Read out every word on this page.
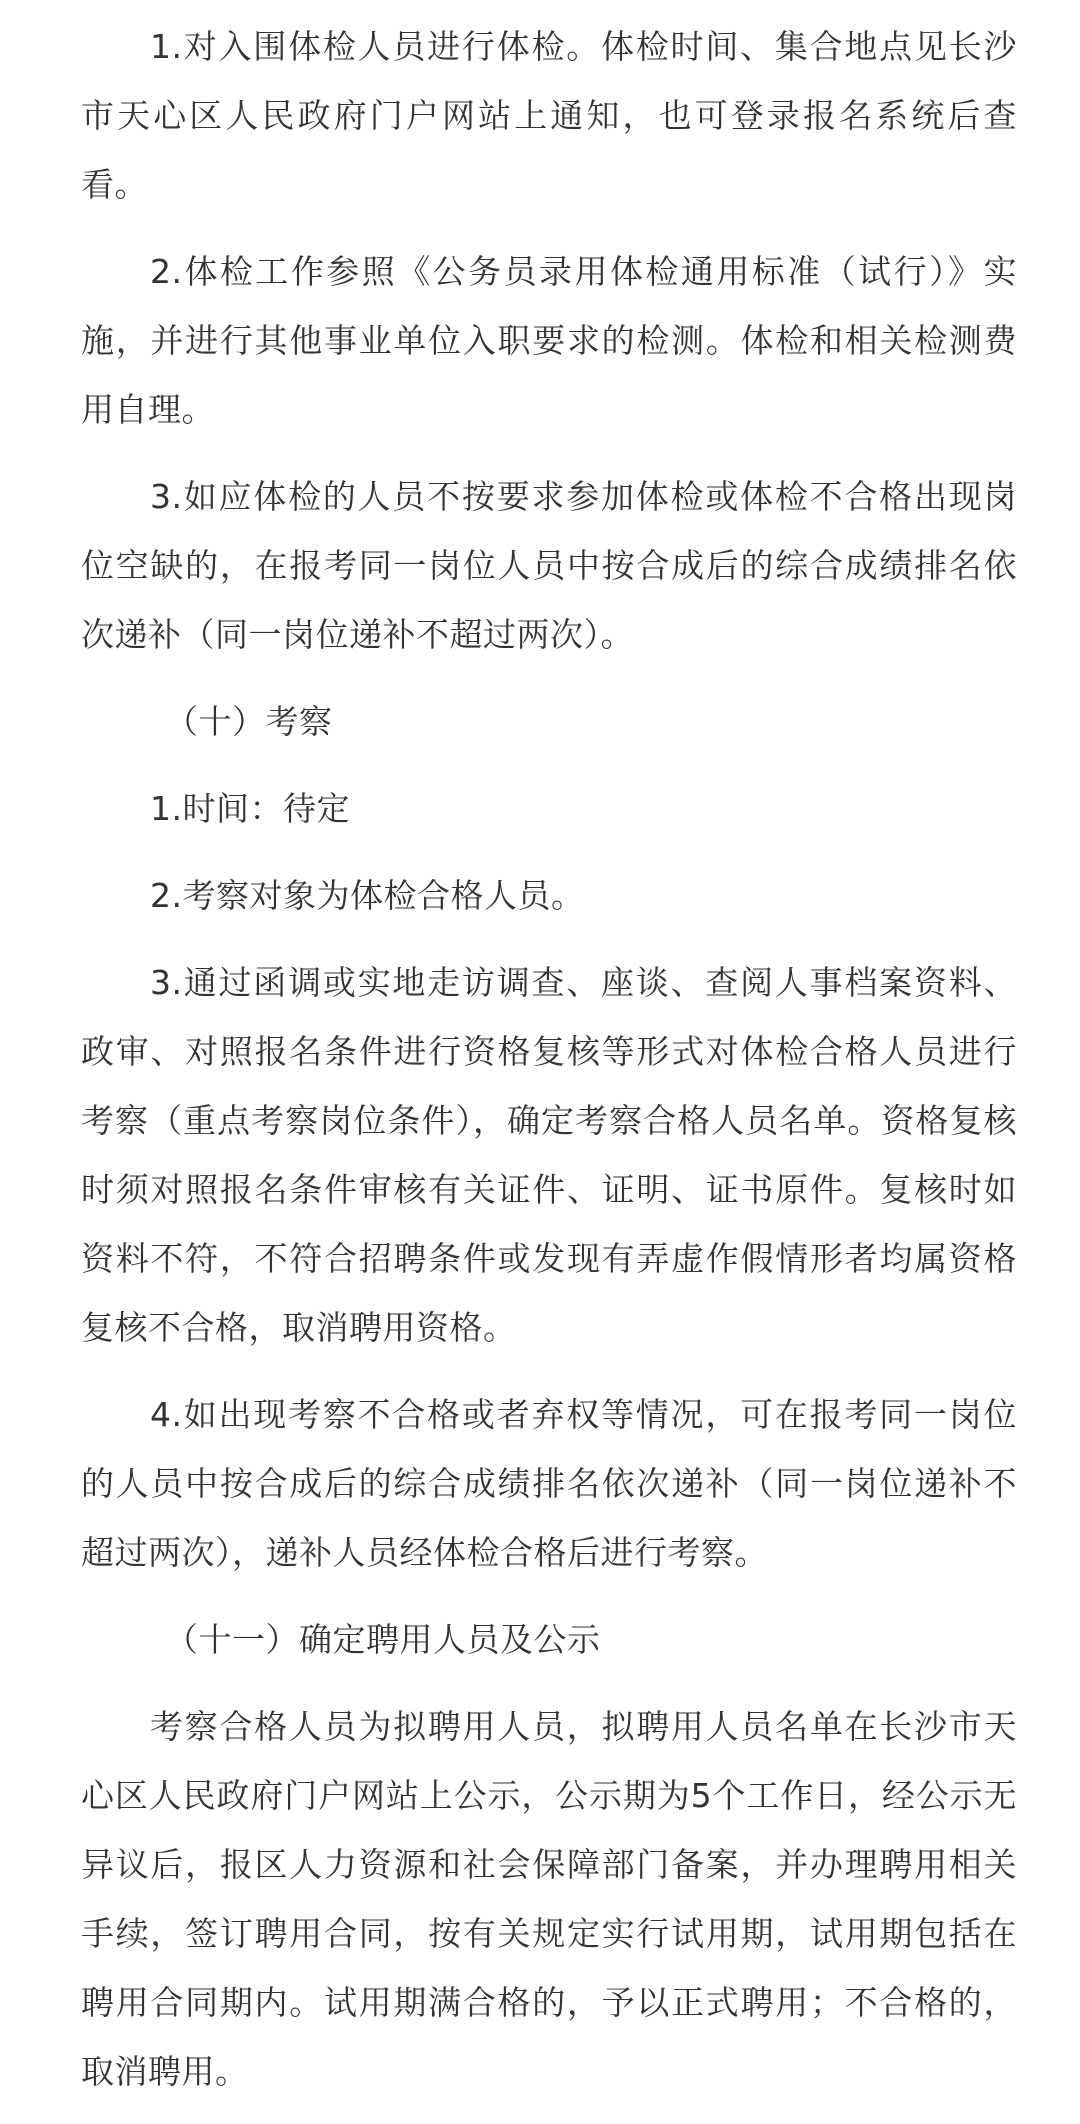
1.对入围体检人员进行体检。体检时间、集合地点见长沙市天心区人民政府门户网站上通知，也可登录报名系统后查看。

2.体检工作参照《公务员录用体检通用标准（试行）》实施，并进行其他事业单位入职要求的检测。体检和相关检测费用自理。

3.如应体检的人员不按要求参加体检或体检不合格出现岗位空缺的，在报考同一岗位人员中按合成后的综合成绩排名依次递补（同一岗位递补不超过两次）。

（十）考察

1.时间：待定

2.考察对象为体检合格人员。

3.通过函调或实地走访调查、座谈、查阅人事档案资料、政审、对照报名条件进行资格复核等形式对体检合格人员进行考察（重点考察岗位条件），确定考察合格人员名单。资格复核时须对照报名条件审核有关证件、证明、证书原件。复核时如资料不符，不符合招聘条件或发现有弄虚作假情形者均属资格复核不合格，取消聘用资格。

4.如出现考察不合格或者弃权等情况，可在报考同一岗位的人员中按合成后的综合成绩排名依次递补（同一岗位递补不超过两次），递补人员经体检合格后进行考察。

（十一）确定聘用人员及公示

考察合格人员为拟聘用人员，拟聘用人员名单在长沙市天心区人民政府门户网站上公示，公示期为5个工作日，经公示无异议后，报区人力资源和社会保障部门备案，并办理聘用相关手续，签订聘用合同，按有关规定实行试用期，试用期包括在聘用合同期内。试用期满合格的，予以正式聘用；不合格的，取消聘用。
